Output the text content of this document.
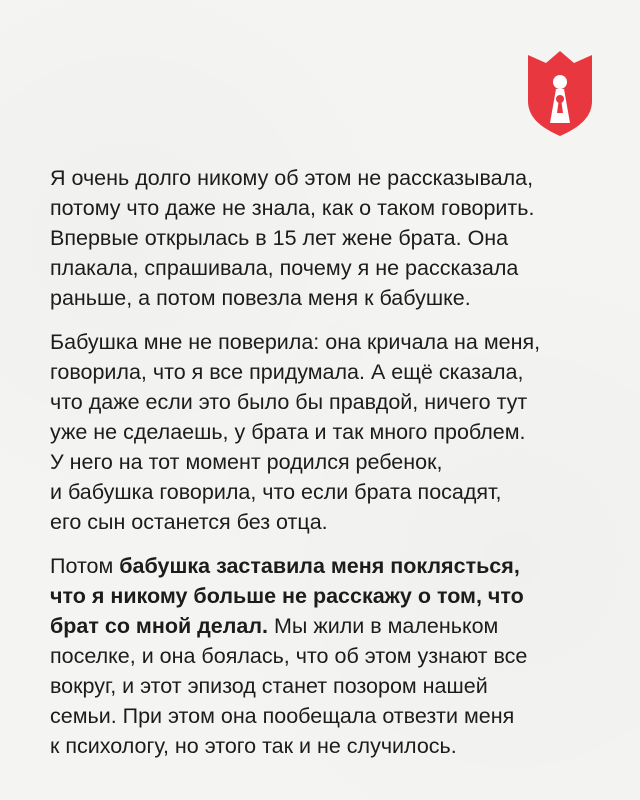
Я очень долго никому об этом не рассказывала,
потому что даже не знала, как о таком говорить.
Впервые открылась в 15 лет жене брата. Она
плакала, спрашивала, почему я не рассказала
раньше, а потом повезла меня к бабушке.

Бабушка мне не поверила: она кричала на меня,
говорила, что я все придумала. А ещё сказала,
что даже если это было бы правдой, ничего тут
уже не сделаешь, у брата и так много проблем.
У него на тот момент родился ребенок,
и бабушка говорила, что если брата посадят,
его сын останется без отца.

Потом бабушка заставила меня поклясться,
что я никому больше не расскажу о том, что
брат со мной делал. Мы жили в маленьком
поселке, и она боялась, что об этом узнают все
вокруг, и этот эпизод станет позором нашей
семьи. При этом она пообещала отвезти меня
к психологу, но этого так и не случилось.
